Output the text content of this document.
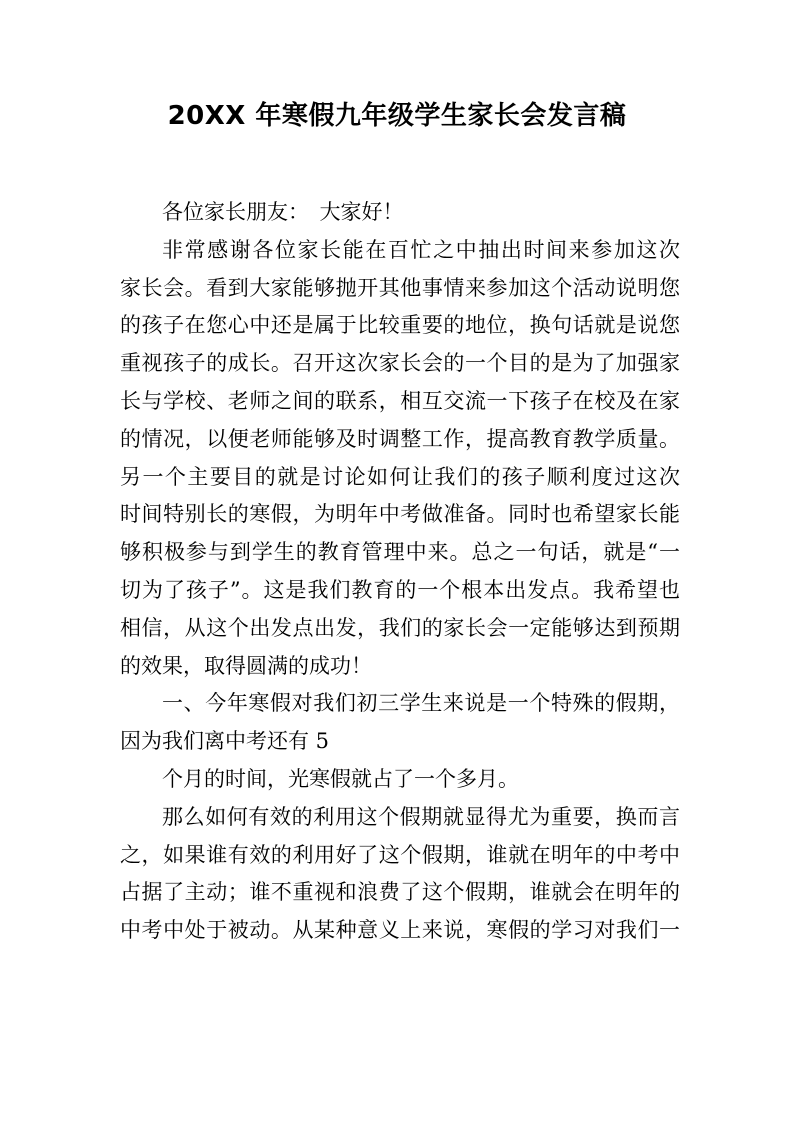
20XX 年寒假九年级学生家长会发言稿
各位家长朋友：　大家好！
非常感谢各位家长能在百忙之中抽出时间来参加这次
家长会。看到大家能够抛开其他事情来参加这个活动说明您
的孩子在您心中还是属于比较重要的地位，换句话就是说您
重视孩子的成长。召开这次家长会的一个目的是为了加强家
长与学校、老师之间的联系，相互交流一下孩子在校及在家
的情况，以便老师能够及时调整工作，提高教育教学质量。
另一个主要目的就是讨论如何让我们的孩子顺利度过这次
时间特别长的寒假，为明年中考做准备。同时也希望家长能
够积极参与到学生的教育管理中来。总之一句话，就是“一
切为了孩子”。这是我们教育的一个根本出发点。我希望也
相信，从这个出发点出发，我们的家长会一定能够达到预期
的效果，取得圆满的成功！
一、今年寒假对我们初三学生来说是一个特殊的假期，
因为我们离中考还有 5
个月的时间，光寒假就占了一个多月。
那么如何有效的利用这个假期就显得尤为重要，换而言
之，如果谁有效的利用好了这个假期，谁就在明年的中考中
占据了主动；谁不重视和浪费了这个假期，谁就会在明年的
中考中处于被动。从某种意义上来说，寒假的学习对我们一
